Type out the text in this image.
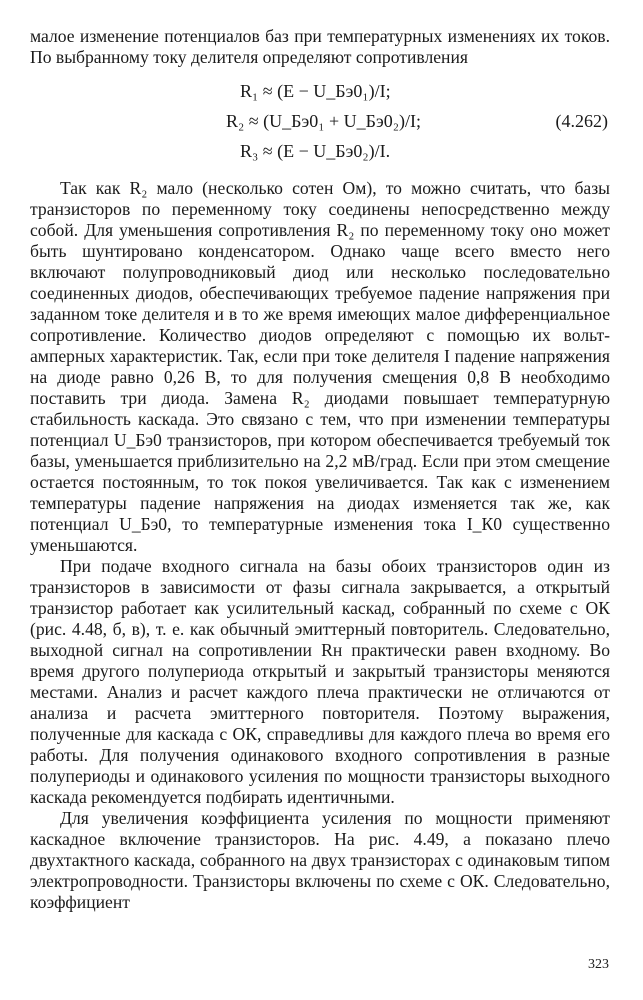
малое изменение потенциалов баз при температурных изменениях их токов. По выбранному току делителя определяют сопротивления

R₁ ≈ (E − U_Бэ0₁)/I;
R₂ ≈ (U_Бэ0₁ + U_Бэ0₂)/I;
R₃ ≈ (E − U_Бэ0₂)/I.
(4.262)

Так как R₂ мало (несколько сотен Ом), то можно считать, что базы транзисторов по переменному току соединены непосредственно между собой. Для уменьшения сопротивления R₂ по переменному току оно может быть шунтировано конденсатором. Однако чаще всего вместо него включают полупроводниковый диод или несколько последовательно соединенных диодов, обеспечивающих требуемое падение напряжения при заданном токе делителя и в то же время имеющих малое дифференциальное сопротивление. Количество диодов определяют с помощью их вольт-амперных характеристик. Так, если при токе делителя I падение напряжения на диоде равно 0,26 В, то для получения смещения 0,8 В необходимо поставить три диода. Замена R₂ диодами повышает температурную стабильность каскада. Это связано с тем, что при изменении температуры потенциал U_Бэ0 транзисторов, при котором обеспечивается требуемый ток базы, уменьшается приблизительно на 2,2 мВ/град. Если при этом смещение остается постоянным, то ток покоя увеличивается. Так как с изменением температуры падение напряжения на диодах изменяется так же, как потенциал U_Бэ0, то температурные изменения тока I_К0 существенно уменьшаются.

При подаче входного сигнала на базы обоих транзисторов один из транзисторов в зависимости от фазы сигнала закрывается, а открытый транзистор работает как усилительный каскад, собранный по схеме с ОК (рис. 4.48, б, в), т. е. как обычный эмиттерный повторитель. Следовательно, выходной сигнал на сопротивлении Rн практически равен входному. Во время другого полупериода открытый и закрытый транзисторы меняются местами. Анализ и расчет каждого плеча практически не отличаются от анализа и расчета эмиттерного повторителя. Поэтому выражения, полученные для каскада с ОК, справедливы для каждого плеча во время его работы. Для получения одинакового входного сопротивления в разные полупериоды и одинакового усиления по мощности транзисторы выходного каскада рекомендуется подбирать идентичными.

Для увеличения коэффициента усиления по мощности применяют каскадное включение транзисторов. На рис. 4.49, а показано плечо двухтактного каскада, собранного на двух транзисторах с одинаковым типом электропроводности. Транзисторы включены по схеме с ОК. Следовательно, коэффициент

323
